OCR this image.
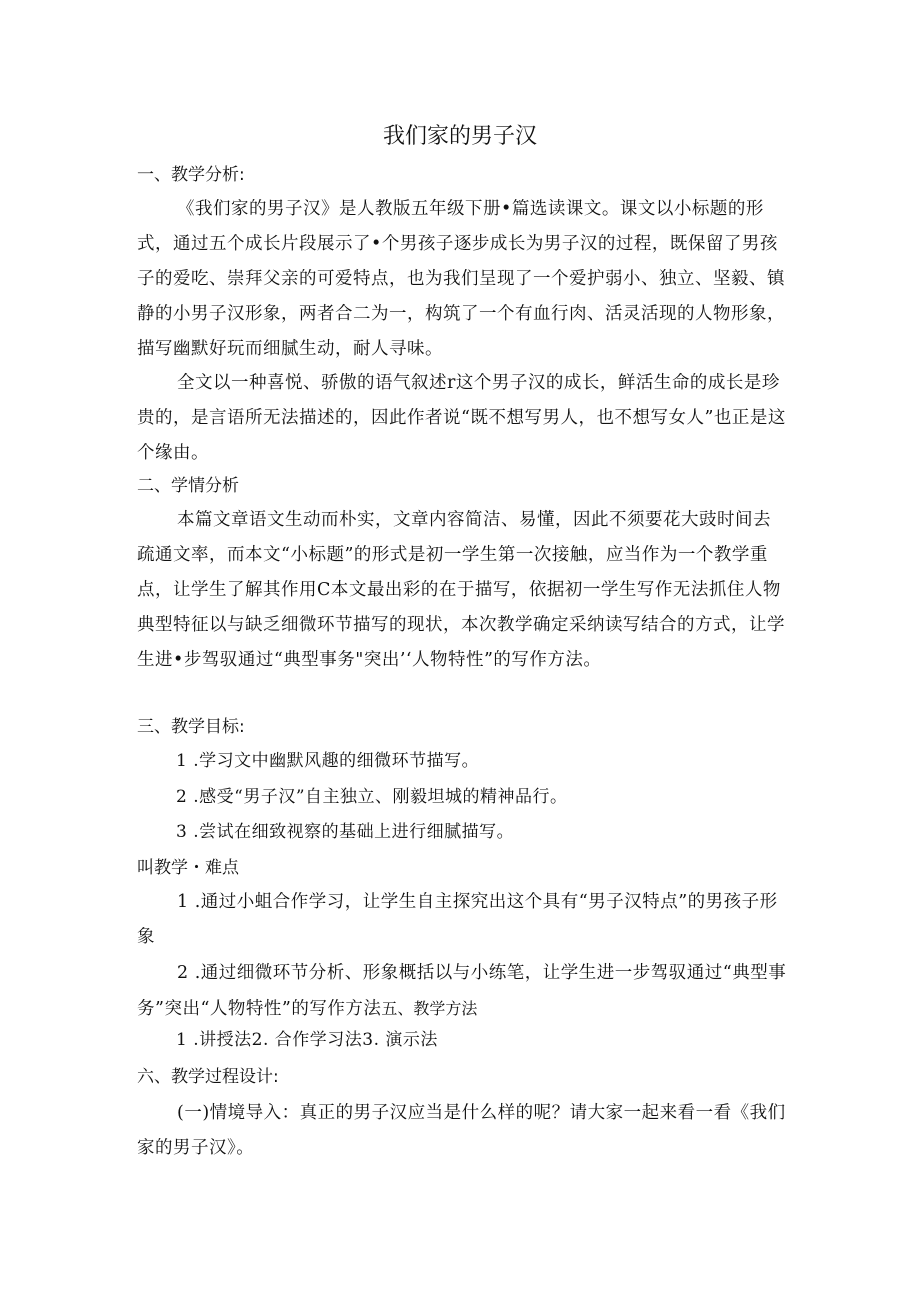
我们家的男子汉
一、教学分析:

《我们家的男子汉》是人教版五年级下册•篇选读课文。课文以小标题的形式，通过五个成长片段展示了•个男孩子逐步成长为男子汉的过程，既保留了男孩子的爱吃、崇拜父亲的可爱特点，也为我们呈现了一个爱护弱小、独立、坚毅、镇静的小男子汉形象，两者合二为一，构筑了一个有血行肉、活灵活现的人物形象，描写幽默好玩而细腻生动，耐人寻味。

全文以一种喜悦、骄傲的语气叙述r这个男子汉的成长，鲜活生命的成长是珍贵的，是言语所无法描述的，因此作者说“既不想写男人，也不想写女人”也正是这个缘由。

二、学情分析

本篇文章语文生动而朴实，文章内容简洁、易懂，因此不须要花大豉时间去疏通文率，而本文“小标题”的形式是初一学生第一次接触，应当作为一个教学重点，让学生了解其作用C本文最出彩的在于描写，依据初一学生写作无法抓住人物典型特征以与缺乏细微环节描写的现状，本次教学确定采纳读写结合的方式，让学生进•步驾驭通过“典型事务"突出’‘人物特性”的写作方法。

三、教学目标:

1 .学习文中幽默风趣的细微环节描写。

2 .感受“男子汉”自主独立、刚毅坦城的精神品行。

3 .尝试在细致视察的基础上进行细腻描写。

叫教学・难点

1 .通过小蛆合作学习，让学生自主探究出这个具有“男子汉特点”的男孩子形象

2 .通过细微环节分析、形象概括以与小练笔，让学生进一步驾驭通过“典型事务”突出“人物特性”的写作方法五、教学方法

1 .讲授法2. 合作学习法3. 演示法

六、教学过程设计:

(一)情境导入：真正的男子汉应当是什么样的呢？请大家一起来看一看《我们家的男子汉》。
